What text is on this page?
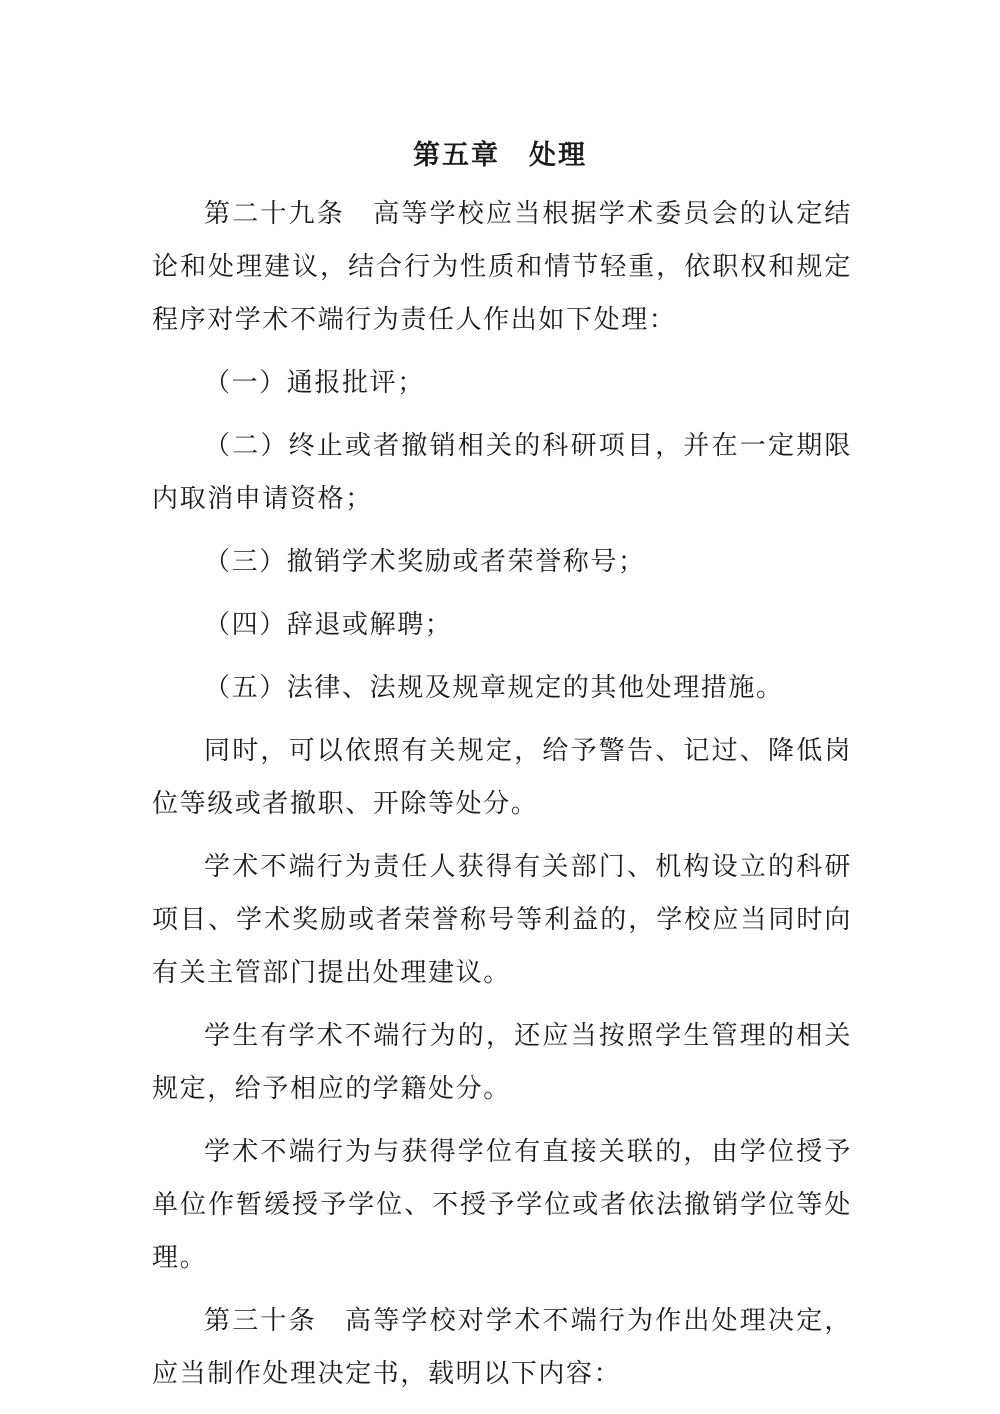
第五章　处理

第二十九条　高等学校应当根据学术委员会的认定结论和处理建议，结合行为性质和情节轻重，依职权和规定程序对学术不端行为责任人作出如下处理：

（一）通报批评；

（二）终止或者撤销相关的科研项目，并在一定期限内取消申请资格；

（三）撤销学术奖励或者荣誉称号；

（四）辞退或解聘；

（五）法律、法规及规章规定的其他处理措施。

同时，可以依照有关规定，给予警告、记过、降低岗位等级或者撤职、开除等处分。

学术不端行为责任人获得有关部门、机构设立的科研项目、学术奖励或者荣誉称号等利益的，学校应当同时向有关主管部门提出处理建议。

学生有学术不端行为的，还应当按照学生管理的相关规定，给予相应的学籍处分。

学术不端行为与获得学位有直接关联的，由学位授予单位作暂缓授予学位、不授予学位或者依法撤销学位等处理。

第三十条　高等学校对学术不端行为作出处理决定，应当制作处理决定书，载明以下内容：
